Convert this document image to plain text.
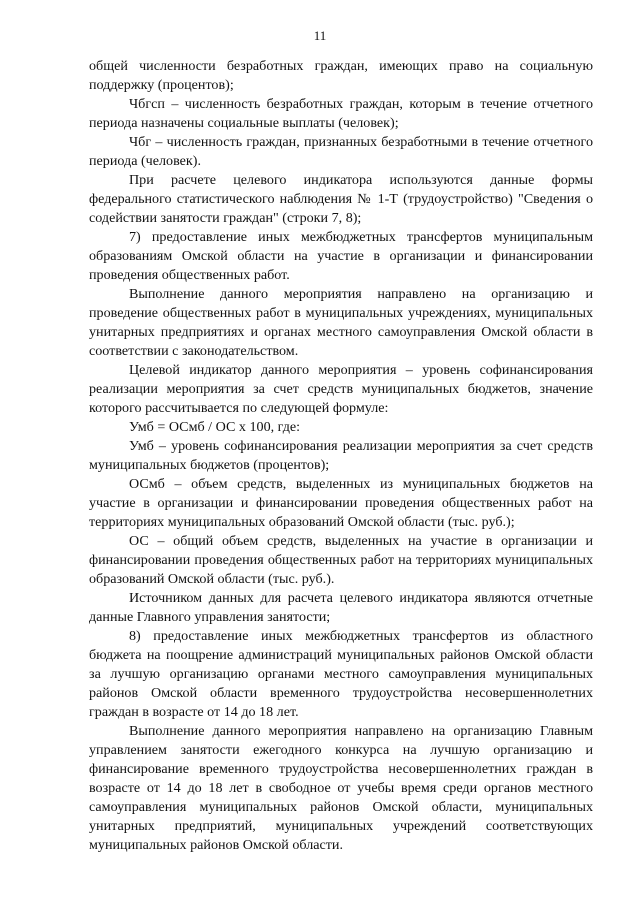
11

общей численности безработных граждан, имеющих право на социальную поддержку (процентов);

Чбгсп – численность безработных граждан, которым в течение отчетного периода назначены социальные выплаты (человек);

Чбг – численность граждан, признанных безработными в течение отчетного периода (человек).

При расчете целевого индикатора используются данные формы федерального статистического наблюдения № 1-Т (трудоустройство) "Сведения о содействии занятости граждан" (строки 7, 8);

7) предоставление иных межбюджетных трансфертов муниципальным образованиям Омской области на участие в организации и финансировании проведения общественных работ.

Выполнение данного мероприятия направлено на организацию и проведение общественных работ в муниципальных учреждениях, муниципальных унитарных предприятиях и органах местного самоуправления Омской области в соответствии с законодательством.

Целевой индикатор данного мероприятия – уровень софинансирования реализации мероприятия за счет средств муниципальных бюджетов, значение которого рассчитывается по следующей формуле:

Умб = ОСмб / ОС х 100, где:

Умб – уровень софинансирования реализации мероприятия за счет средств муниципальных бюджетов (процентов);

ОСмб – объем средств, выделенных из муниципальных бюджетов на участие в организации и финансировании проведения общественных работ на территориях муниципальных образований Омской области (тыс. руб.);

ОС – общий объем средств, выделенных на участие в организации и финансировании проведения общественных работ на территориях муниципальных образований Омской области (тыс. руб.).

Источником данных для расчета целевого индикатора являются отчетные данные Главного управления занятости;

8) предоставление иных межбюджетных трансфертов из областного бюджета на поощрение администраций муниципальных районов Омской области за лучшую организацию органами местного самоуправления муниципальных районов Омской области временного трудоустройства несовершеннолетних граждан в возрасте от 14 до 18 лет.

Выполнение данного мероприятия направлено на организацию Главным управлением занятости ежегодного конкурса на лучшую организацию и финансирование временного трудоустройства несовершеннолетних граждан в возрасте от 14 до 18 лет в свободное от учебы время среди органов местного самоуправления муниципальных районов Омской области, муниципальных унитарных предприятий, муниципальных учреждений соответствующих муниципальных районов Омской области.
